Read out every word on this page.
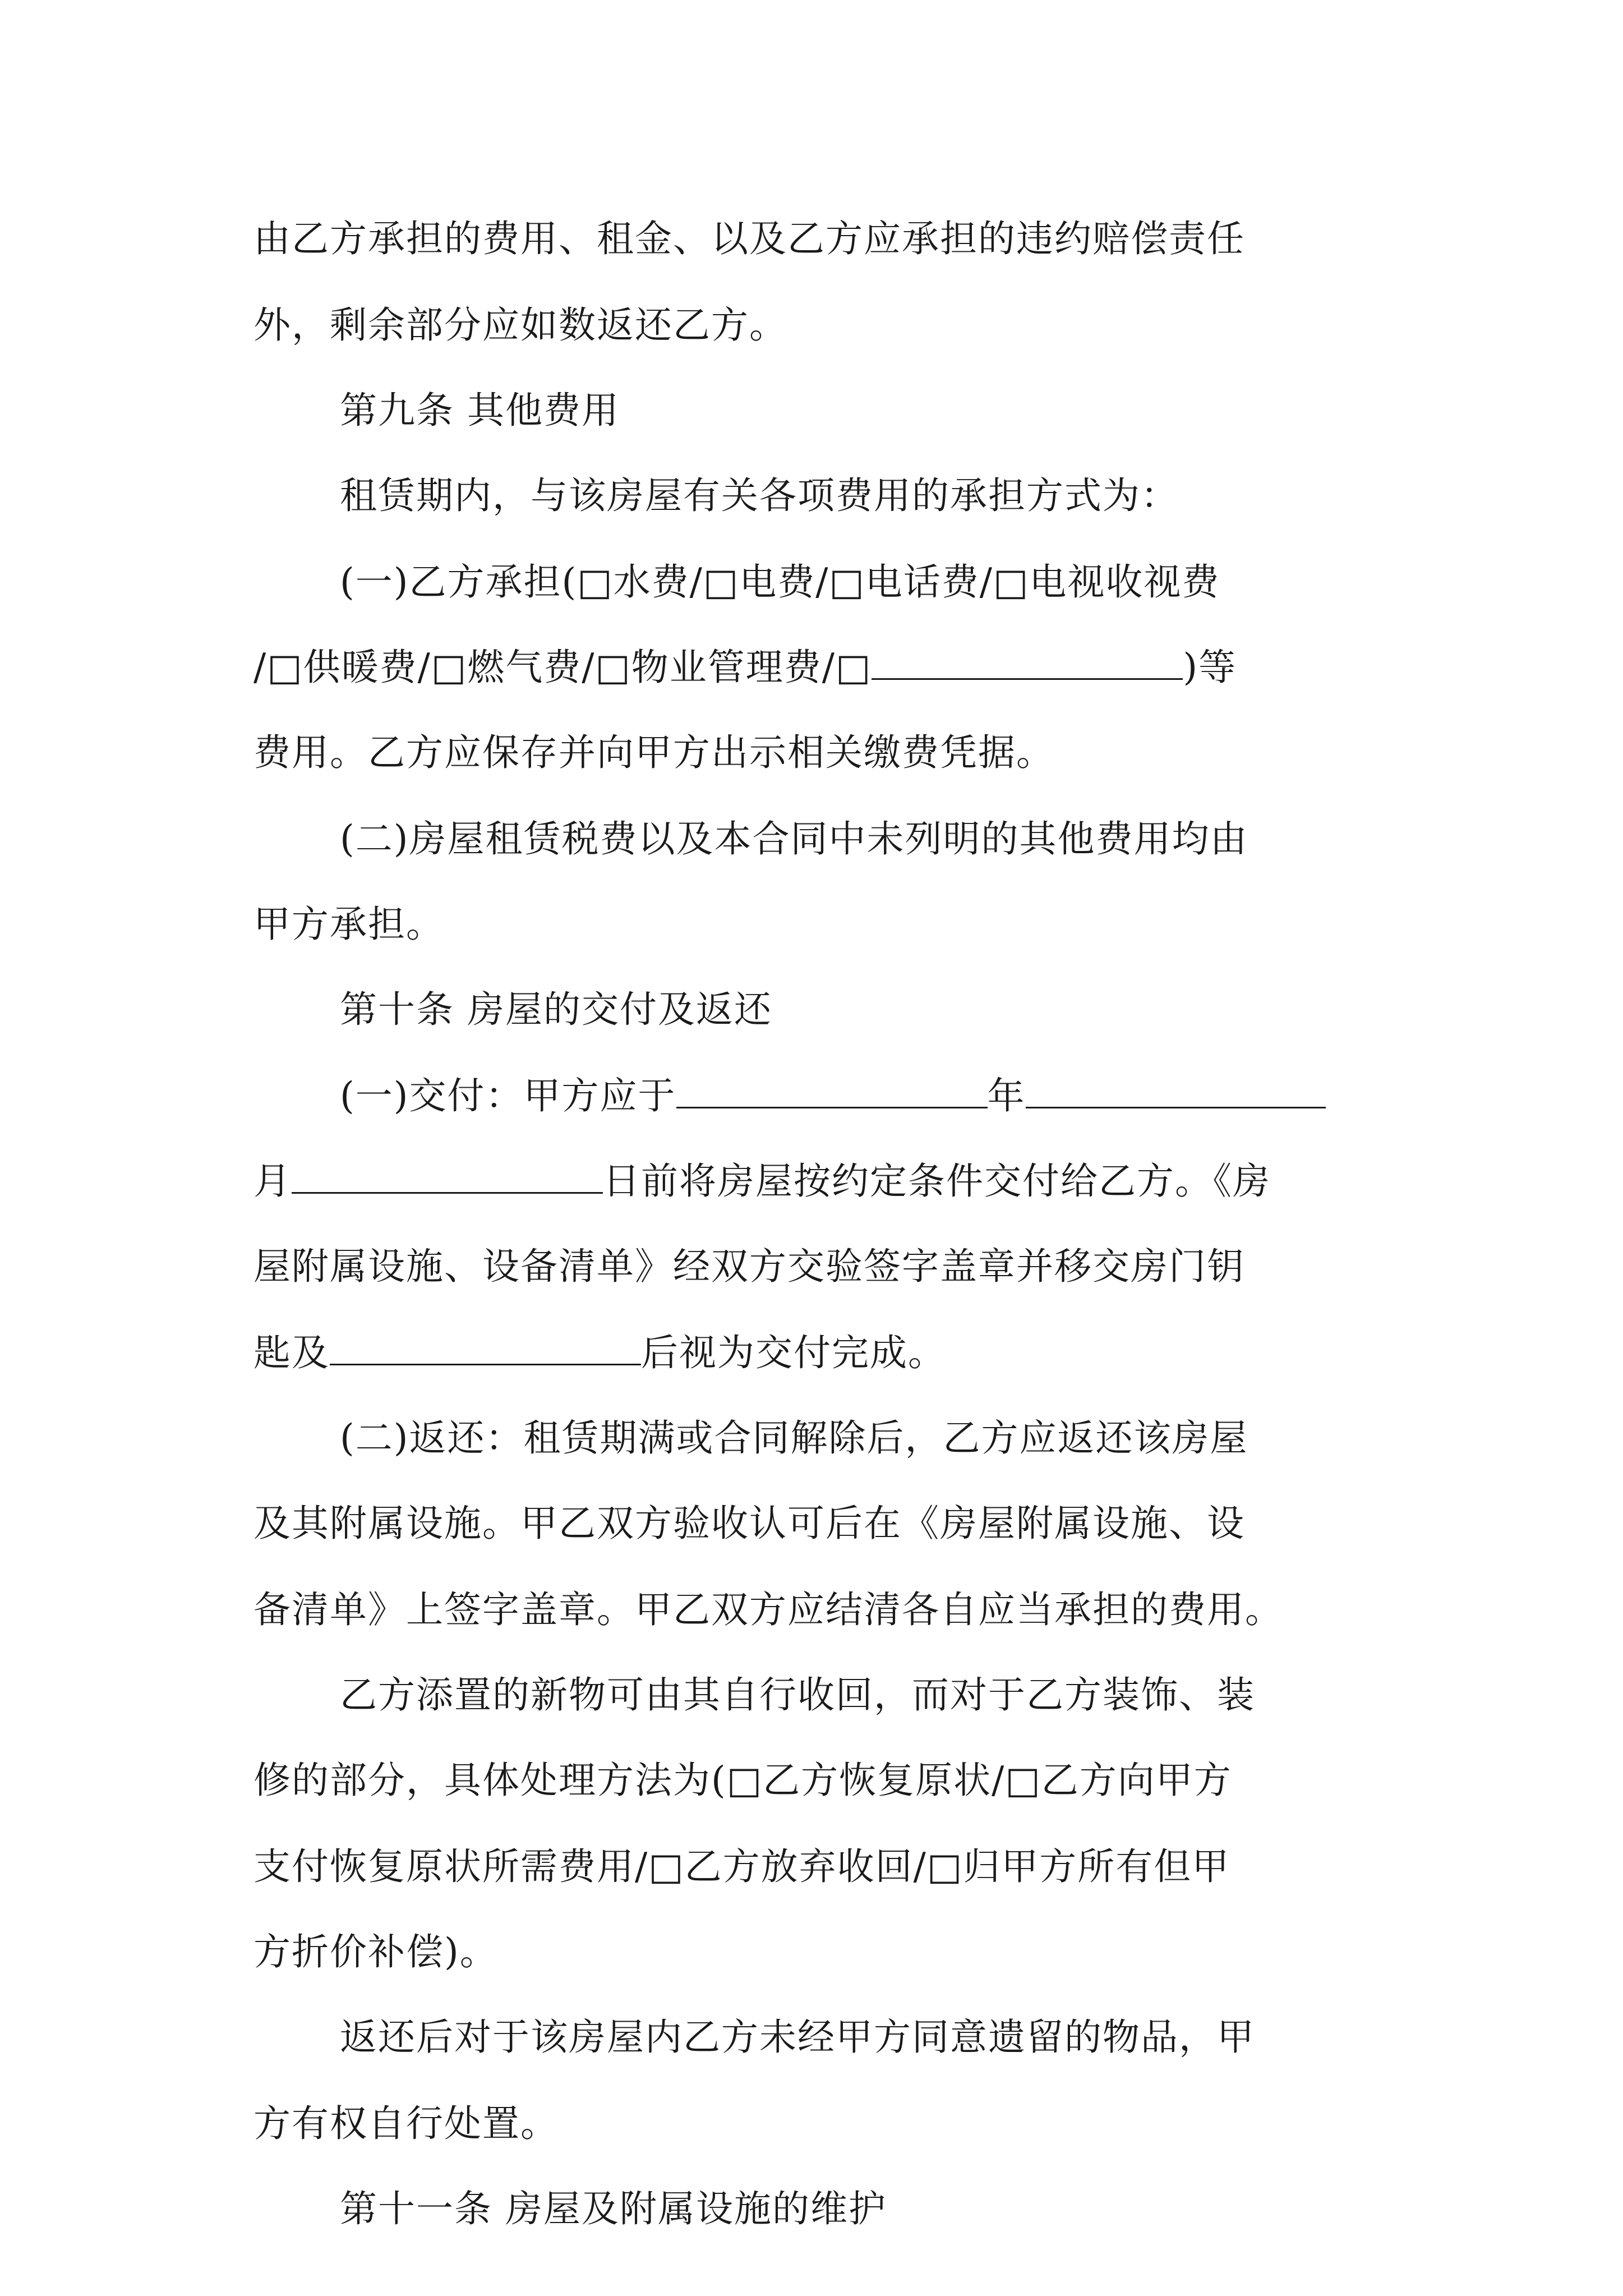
由乙方承担的费用、租金、以及乙方应承担的违约赔偿责任
外，剩余部分应如数返还乙方。
第九条 其他费用
租赁期内，与该房屋有关各项费用的承担方式为：
(一)乙方承担(□水费/□电费/□电话费/□电视收视费
/□供暖费/□燃气费/□物业管理费/□	)等
费用。乙方应保存并向甲方出示相关缴费凭据。
(二)房屋租赁税费以及本合同中未列明的其他费用均由
甲方承担。
第十条 房屋的交付及返还
(一)交付：甲方应于	年
月	日前将房屋按约定条件交付给乙方。《房
屋附属设施、设备清单》经双方交验签字盖章并移交房门钥
匙及	后视为交付完成。
(二)返还：租赁期满或合同解除后，乙方应返还该房屋
及其附属设施。甲乙双方验收认可后在《房屋附属设施、设
备清单》上签字盖章。甲乙双方应结清各自应当承担的费用。
乙方添置的新物可由其自行收回，而对于乙方装饰、装
修的部分，具体处理方法为(□乙方恢复原状/□乙方向甲方
支付恢复原状所需费用/□乙方放弃收回/□归甲方所有但甲
方折价补偿)。
返还后对于该房屋内乙方未经甲方同意遗留的物品，甲
方有权自行处置。
第十一条 房屋及附属设施的维护
